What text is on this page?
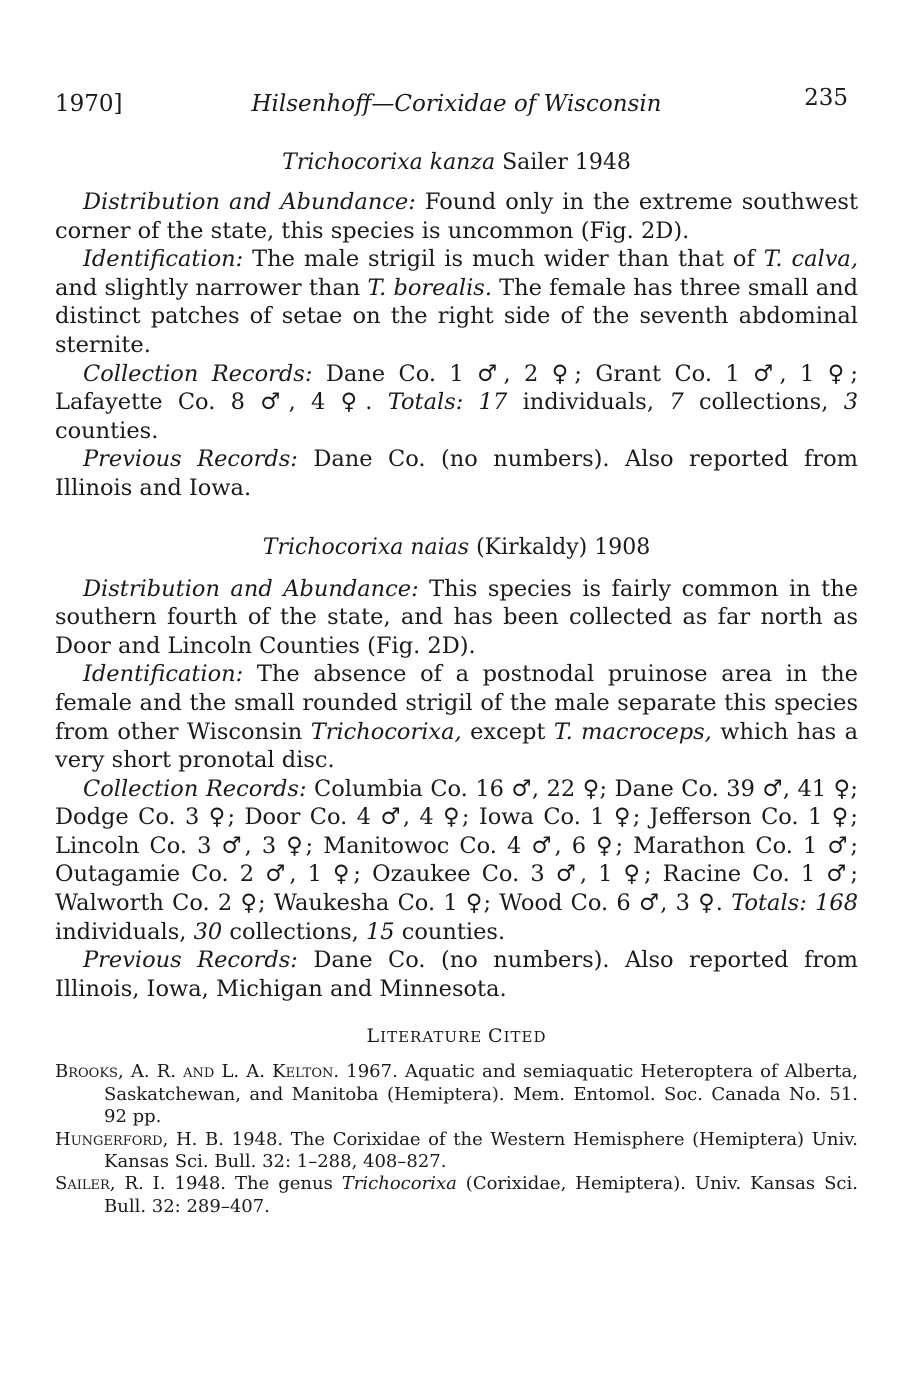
1970]	Hilsenhoff—Corixidae of Wisconsin	235
Trichocorixa kanza Sailer 1948

Distribution and Abundance: Found only in the extreme southwest corner of the state, this species is uncommon (Fig. 2D).

Identification: The male strigil is much wider than that of T. calva, and slightly narrower than T. borealis. The female has three small and distinct patches of setae on the right side of the seventh abdominal sternite.

Collection Records: Dane Co. 1 ♂, 2 ♀; Grant Co. 1 ♂, 1 ♀; Lafayette Co. 8 ♂, 4 ♀. Totals: 17 individuals, 7 collections, 3 counties.

Previous Records: Dane Co. (no numbers). Also reported from Illinois and Iowa.

Trichocorixa naias (Kirkaldy) 1908

Distribution and Abundance: This species is fairly common in the southern fourth of the state, and has been collected as far north as Door and Lincoln Counties (Fig. 2D).

Identification: The absence of a postnodal pruinose area in the female and the small rounded strigil of the male separate this species from other Wisconsin Trichocorixa, except T. macroceps, which has a very short pronotal disc.

Collection Records: Columbia Co. 16 ♂, 22 ♀; Dane Co. 39 ♂, 41 ♀; Dodge Co. 3 ♀; Door Co. 4 ♂, 4 ♀; Iowa Co. 1 ♀; Jefferson Co. 1 ♀; Lincoln Co. 3 ♂, 3 ♀; Manitowoc Co. 4 ♂, 6 ♀; Marathon Co. 1 ♂; Outagamie Co. 2 ♂, 1 ♀; Ozaukee Co. 3 ♂, 1 ♀; Racine Co. 1 ♂; Walworth Co. 2 ♀; Waukesha Co. 1 ♀; Wood Co. 6 ♂, 3 ♀. Totals: 168 individuals, 30 collections, 15 counties.

Previous Records: Dane Co. (no numbers). Also reported from Illinois, Iowa, Michigan and Minnesota.

LITERATURE CITED

Brooks, A. R. and L. A. Kelton. 1967. Aquatic and semiaquatic Heteroptera of Alberta, Saskatchewan, and Manitoba (Hemiptera). Mem. Entomol. Soc. Canada No. 51. 92 pp.

Hungerford, H. B. 1948. The Corixidae of the Western Hemisphere (Hemiptera) Univ. Kansas Sci. Bull. 32: 1–288, 408–827.

Sailer, R. I. 1948. The genus Trichocorixa (Corixidae, Hemiptera). Univ. Kansas Sci. Bull. 32: 289–407.
